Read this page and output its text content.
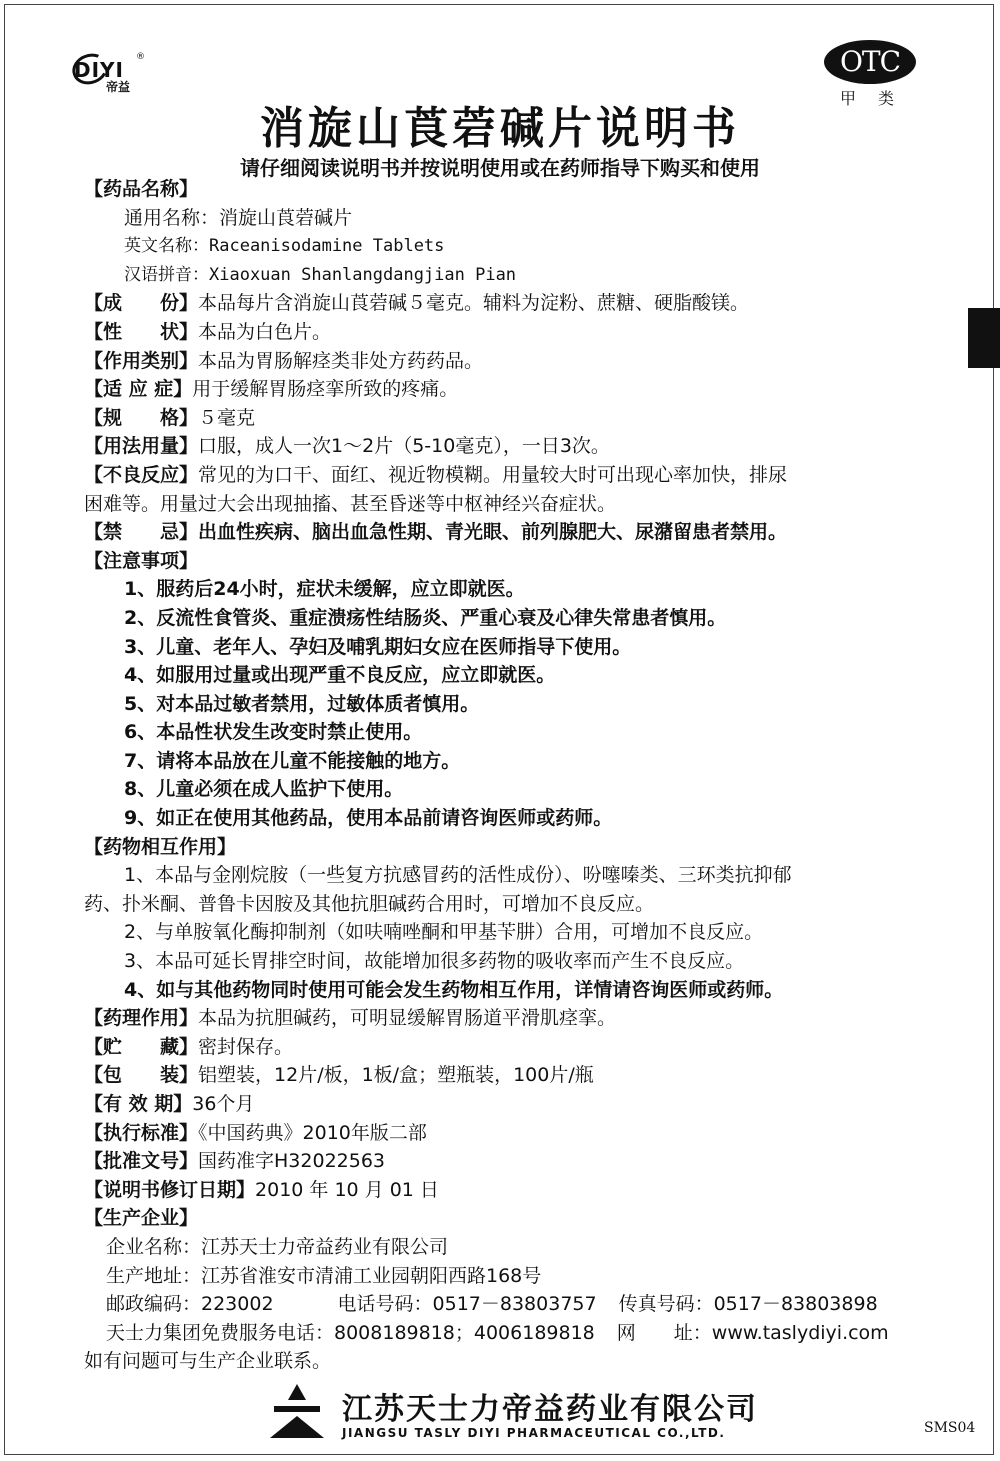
DIYI
®
帝益
OTC
甲类
消旋山莨菪碱片说明书
请仔细阅读说明书并按说明使用或在药师指导下购买和使用
【药品名称】
通用名称：消旋山莨菪碱片
英文名称：Raceanisodamine Tablets
汉语拼音：Xiaoxuan Shanlangdangjian Pian
【成　　份】本品每片含消旋山莨菪碱５毫克。辅料为淀粉、蔗糖、硬脂酸镁。
【性　　状】本品为白色片。
【作用类别】本品为胃肠解痉类非处方药药品。
【适 应 症】用于缓解胃肠痉挛所致的疼痛。
【规　　格】５毫克
【用法用量】口服，成人一次1～2片（5-10毫克），一日3次。
【不良反应】常见的为口干、面红、视近物模糊。用量较大时可出现心率加快，排尿
困难等。用量过大会出现抽搐、甚至昏迷等中枢神经兴奋症状。
【禁　　忌】出血性疾病、脑出血急性期、青光眼、前列腺肥大、尿潴留患者禁用。
【注意事项】
1、服药后24小时，症状未缓解，应立即就医。
2、反流性食管炎、重症溃疡性结肠炎、严重心衰及心律失常患者慎用。
3、儿童、老年人、孕妇及哺乳期妇女应在医师指导下使用。
4、如服用过量或出现严重不良反应，应立即就医。
5、对本品过敏者禁用，过敏体质者慎用。
6、本品性状发生改变时禁止使用。
7、请将本品放在儿童不能接触的地方。
8、儿童必须在成人监护下使用。
9、如正在使用其他药品，使用本品前请咨询医师或药师。
【药物相互作用】
1、本品与金刚烷胺（一些复方抗感冒药的活性成份）、吩噻嗪类、三环类抗抑郁
药、扑米酮、普鲁卡因胺及其他抗胆碱药合用时，可增加不良反应。
2、与单胺氧化酶抑制剂（如呋喃唑酮和甲基苄肼）合用，可增加不良反应。
3、本品可延长胃排空时间，故能增加很多药物的吸收率而产生不良反应。
4、如与其他药物同时使用可能会发生药物相互作用，详情请咨询医师或药师。
【药理作用】本品为抗胆碱药，可明显缓解胃肠道平滑肌痉挛。
【贮　　藏】密封保存。
【包　　装】铝塑装，12片/板，1板/盒；塑瓶装，100片/瓶
【有 效 期】36个月
【执行标准】《中国药典》2010年版二部
【批准文号】国药准字H32022563
【说明书修订日期】2010 年 10 月 01 日
【生产企业】
企业名称：江苏天士力帝益药业有限公司
生产地址：江苏省淮安市清浦工业园朝阳西路168号
邮政编码：223002	电话号码：0517－83803757 传真号码：0517－83803898
天士力集团免费服务电话：8008189818；4006189818 网　　址：www.taslydiyi.com
如有问题可与生产企业联系。
江苏天士力帝益药业有限公司
JIANGSU TASLY DIYI PHARMACEUTICAL CO.,LTD.	SMS04
